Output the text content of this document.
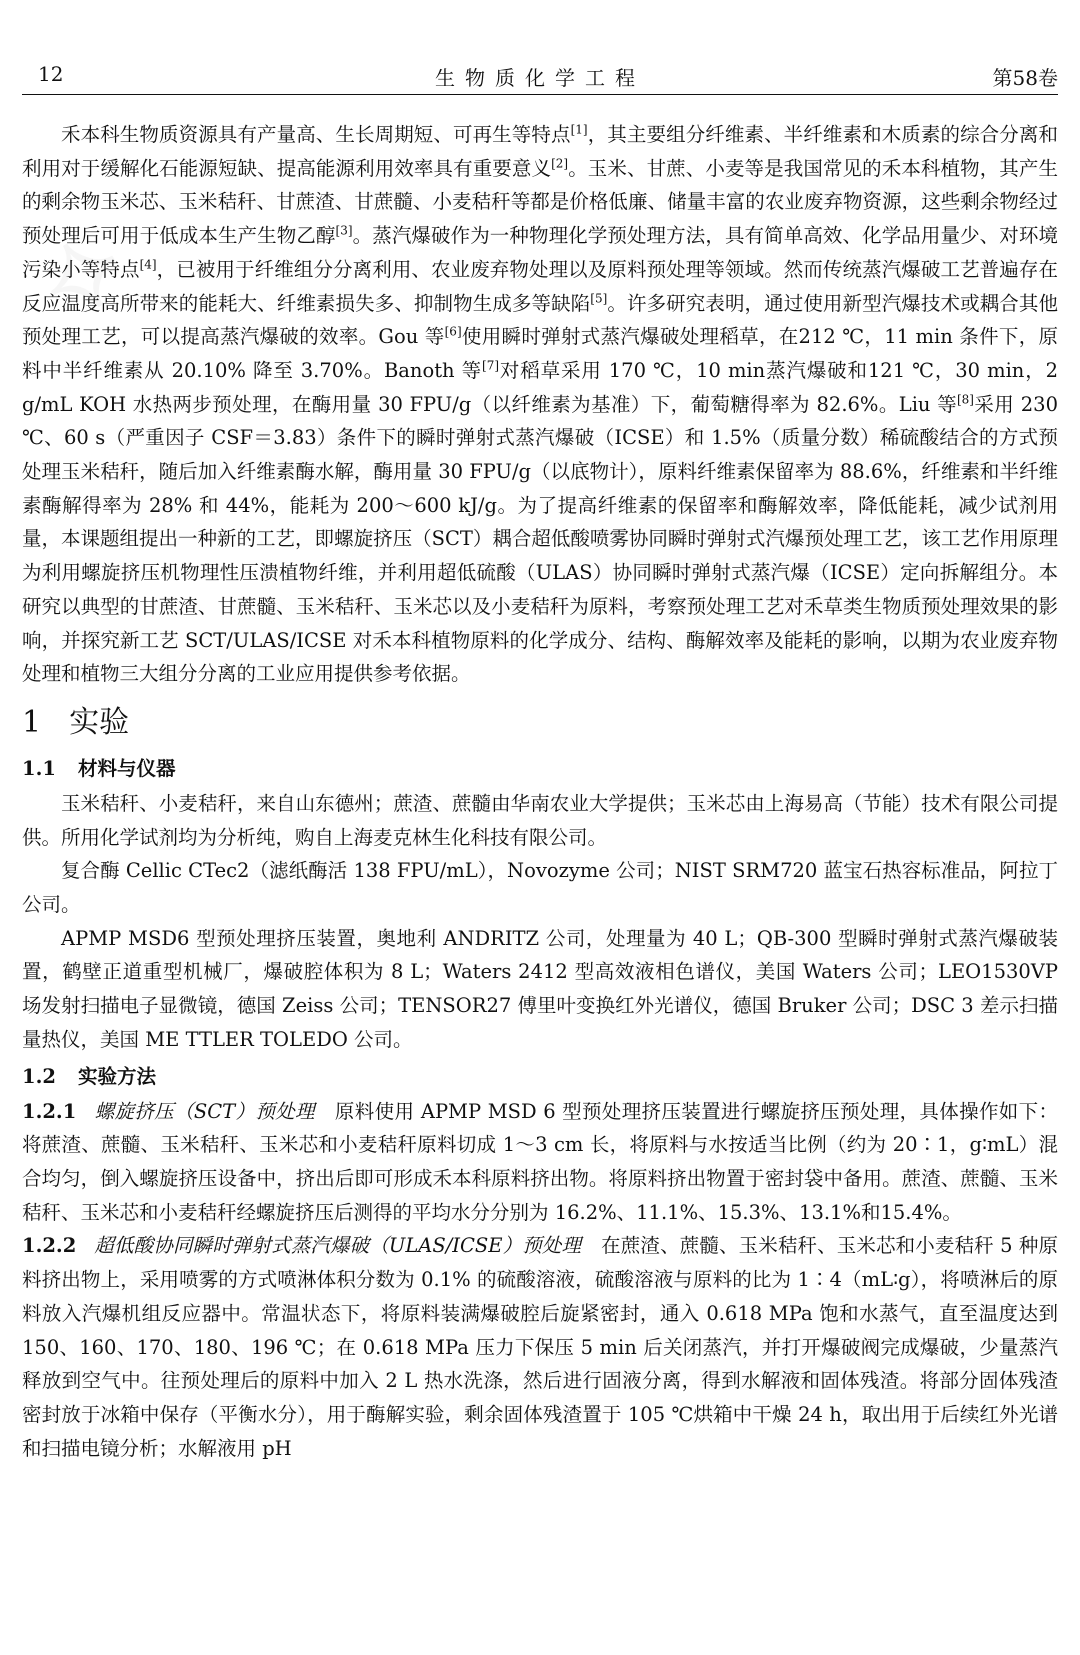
12	生物质化学工程	第58卷

禾本科生物质资源具有产量高、生长周期短、可再生等特点[1]，其主要组分纤维素、半纤维素和木质素的综合分离和利用对于缓解化石能源短缺、提高能源利用效率具有重要意义[2]。玉米、甘蔗、小麦等是我国常见的禾本科植物，其产生的剩余物玉米芯、玉米秸秆、甘蔗渣、甘蔗髓、小麦秸秆等都是价格低廉、储量丰富的农业废弃物资源，这些剩余物经过预处理后可用于低成本生产生物乙醇[3]。蒸汽爆破作为一种物理化学预处理方法，具有简单高效、化学品用量少、对环境污染小等特点[4]，已被用于纤维组分分离利用、农业废弃物处理以及原料预处理等领域。然而传统蒸汽爆破工艺普遍存在反应温度高所带来的能耗大、纤维素损失多、抑制物生成多等缺陷[5]。许多研究表明，通过使用新型汽爆技术或耦合其他预处理工艺，可以提高蒸汽爆破的效率。Gou 等[6]使用瞬时弹射式蒸汽爆破处理稻草，在212 ℃，11 min 条件下，原料中半纤维素从 20.10% 降至 3.70%。Banoth 等[7]对稻草采用 170 ℃，10 min蒸汽爆破和121 ℃，30 min，2 g/mL KOH 水热两步预处理，在酶用量 30 FPU/g（以纤维素为基准）下，葡萄糖得率为 82.6%。Liu 等[8]采用 230 ℃、60 s（严重因子 CSF＝3.83）条件下的瞬时弹射式蒸汽爆破（ICSE）和 1.5%（质量分数）稀硫酸结合的方式预处理玉米秸秆，随后加入纤维素酶水解，酶用量 30 FPU/g（以底物计），原料纤维素保留率为 88.6%，纤维素和半纤维素酶解得率为 28% 和 44%，能耗为 200～600 kJ/g。为了提高纤维素的保留率和酶解效率，降低能耗，减少试剂用量，本课题组提出一种新的工艺，即螺旋挤压（SCT）耦合超低酸喷雾协同瞬时弹射式汽爆预处理工艺，该工艺作用原理为利用螺旋挤压机物理性压溃植物纤维，并利用超低硫酸（ULAS）协同瞬时弹射式蒸汽爆（ICSE）定向拆解组分。本研究以典型的甘蔗渣、甘蔗髓、玉米秸秆、玉米芯以及小麦秸秆为原料，考察预处理工艺对禾草类生物质预处理效果的影响，并探究新工艺 SCT/ULAS/ICSE 对禾本科植物原料的化学成分、结构、酶解效率及能耗的影响，以期为农业废弃物处理和植物三大组分分离的工业应用提供参考依据。

1 实验
1.1 材料与仪器

玉米秸秆、小麦秸秆，来自山东德州；蔗渣、蔗髓由华南农业大学提供；玉米芯由上海易高（节能）技术有限公司提供。所用化学试剂均为分析纯，购自上海麦克林生化科技有限公司。

复合酶 Cellic CTec2（滤纸酶活 138 FPU/mL），Novozyme 公司；NIST SRM720 蓝宝石热容标准品，阿拉丁公司。

APMP MSD6 型预处理挤压装置，奥地利 ANDRITZ 公司，处理量为 40 L；QB-300 型瞬时弹射式蒸汽爆破装置，鹤壁正道重型机械厂，爆破腔体积为 8 L；Waters 2412 型高效液相色谱仪，美国 Waters 公司；LEO1530VP 场发射扫描电子显微镜，德国 Zeiss 公司；TENSOR27 傅里叶变换红外光谱仪，德国 Bruker 公司；DSC 3 差示扫描量热仪，美国 ME TTLER TOLEDO 公司。

1.2 实验方法

1.2.1 螺旋挤压（SCT）预处理 原料使用 APMP MSD 6 型预处理挤压装置进行螺旋挤压预处理，具体操作如下：将蔗渣、蔗髓、玉米秸秆、玉米芯和小麦秸秆原料切成 1～3 cm 长，将原料与水按适当比例（约为 20∶1，g∶mL）混合均匀，倒入螺旋挤压设备中，挤出后即可形成禾本科原料挤出物。将原料挤出物置于密封袋中备用。蔗渣、蔗髓、玉米秸秆、玉米芯和小麦秸秆经螺旋挤压后测得的平均水分分别为 16.2%、11.1%、15.3%、13.1%和15.4%。

1.2.2 超低酸协同瞬时弹射式蒸汽爆破（ULAS/ICSE）预处理 在蔗渣、蔗髓、玉米秸秆、玉米芯和小麦秸秆 5 种原料挤出物上，采用喷雾的方式喷淋体积分数为 0.1% 的硫酸溶液，硫酸溶液与原料的比为 1∶4（mL∶g），将喷淋后的原料放入汽爆机组反应器中。常温状态下，将原料装满爆破腔后旋紧密封，通入 0.618 MPa 饱和水蒸气，直至温度达到 150、160、170、180、196 ℃；在 0.618 MPa 压力下保压 5 min 后关闭蒸汽，并打开爆破阀完成爆破，少量蒸汽释放到空气中。往预处理后的原料中加入 2 L 热水洗涤，然后进行固液分离，得到水解液和固体残渣。将部分固体残渣密封放于冰箱中保存（平衡水分），用于酶解实验，剩余固体残渣置于 105 ℃烘箱中干燥 24 h，取出用于后续红外光谱和扫描电镜分析；水解液用 pH
